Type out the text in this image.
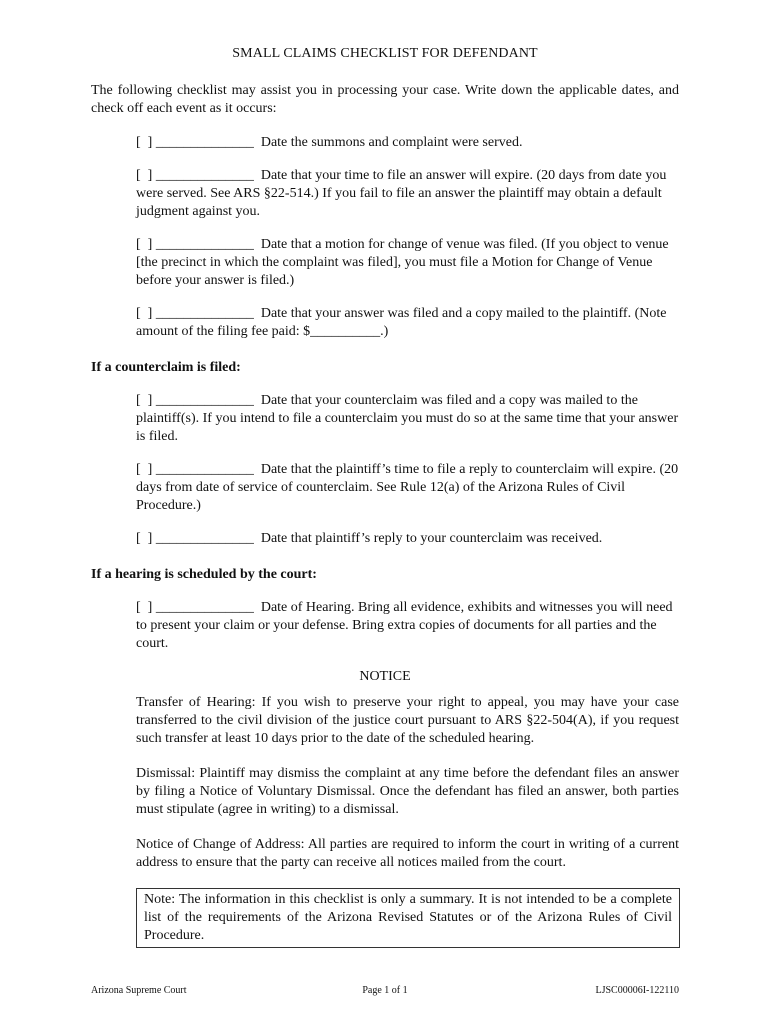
SMALL CLAIMS CHECKLIST FOR DEFENDANT

The following checklist may assist you in processing your case. Write down the applicable dates, and check off each event as it occurs:

[  ] ______________ Date the summons and complaint were served.

[  ] ______________ Date that your time to file an answer will expire. (20 days from date you were served. See ARS §22-514.) If you fail to file an answer the plaintiff may obtain a default judgment against you.

[  ] ______________ Date that a motion for change of venue was filed. (If you object to venue [the precinct in which the complaint was filed], you must file a Motion for Change of Venue before your answer is filed.)

[  ] ______________ Date that your answer was filed and a copy mailed to the plaintiff. (Note amount of the filing fee paid: $__________.)

If a counterclaim is filed:

[  ] ______________ Date that your counterclaim was filed and a copy was mailed to the plaintiff(s). If you intend to file a counterclaim you must do so at the same time that your answer is filed.

[  ] ______________ Date that the plaintiff’s time to file a reply to counterclaim will expire. (20 days from date of service of counterclaim. See Rule 12(a) of the Arizona Rules of Civil Procedure.)

[  ] ______________ Date that plaintiff’s reply to your counterclaim was received.

If a hearing is scheduled by the court:

[  ] ______________ Date of Hearing. Bring all evidence, exhibits and witnesses you will need to present your claim or your defense. Bring extra copies of documents for all parties and the court.

NOTICE

Transfer of Hearing: If you wish to preserve your right to appeal, you may have your case transferred to the civil division of the justice court pursuant to ARS §22-504(A), if you request such transfer at least 10 days prior to the date of the scheduled hearing.

Dismissal: Plaintiff may dismiss the complaint at any time before the defendant files an answer by filing a Notice of Voluntary Dismissal. Once the defendant has filed an answer, both parties must stipulate (agree in writing) to a dismissal.

Notice of Change of Address: All parties are required to inform the court in writing of a current address to ensure that the party can receive all notices mailed from the court.

Note: The information in this checklist is only a summary. It is not intended to be a complete list of the requirements of the Arizona Revised Statutes or of the Arizona Rules of Civil Procedure.
Arizona Supreme Court	Page 1 of 1	LJSC00006I-122110
